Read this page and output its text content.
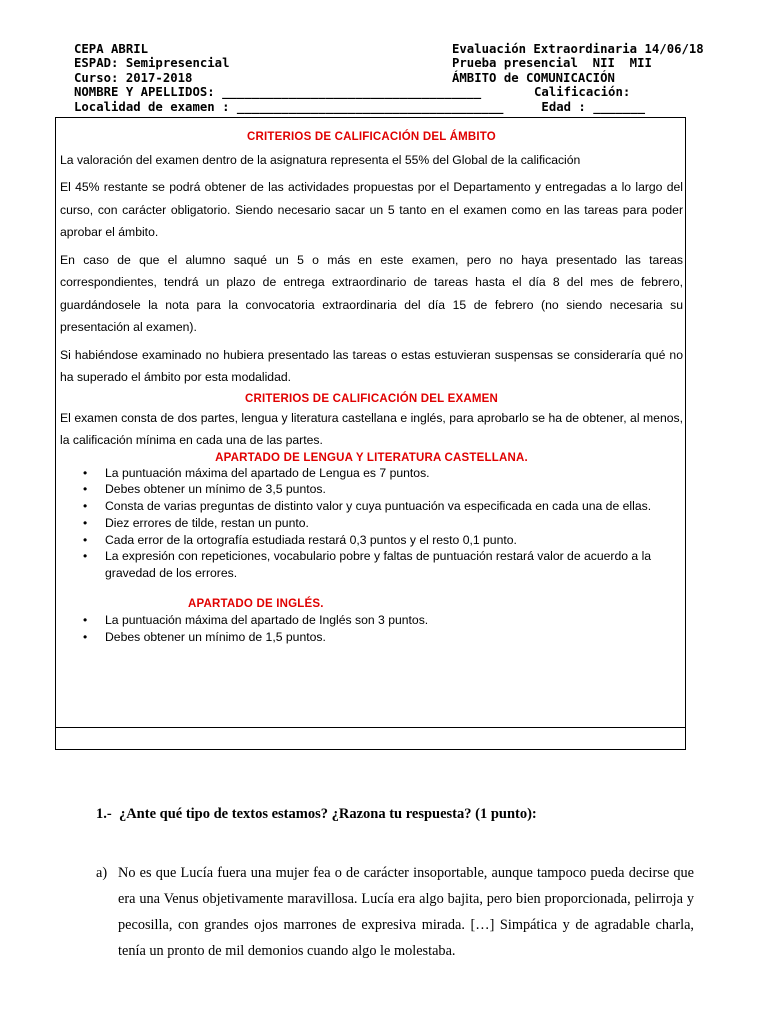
CEPA ABRIL	Evaluación Extraordinaria 14/06/18
ESPAD: Semipresencial	Prueba presencial  NII  MII
Curso: 2017-2018	ÁMBITO de COMUNICACIÓN
NOMBRE Y APELLIDOS: ___________________________________ Calificación:
Localidad de examen : ____________________________________
Edad : _______
CRITERIOS DE CALIFICACIÓN DEL ÁMBITO

La valoración del examen dentro de la asignatura representa el 55% del Global de la calificación

El 45% restante se podrá obtener de las actividades propuestas por el Departamento y entregadas a lo largo del curso, con carácter obligatorio. Siendo necesario sacar un 5 tanto en el examen como en las tareas para poder aprobar el ámbito.

En caso de que el alumno saqué un 5 o más en este examen, pero no haya presentado las tareas correspondientes, tendrá un plazo de entrega extraordinario de tareas hasta el día 8 del mes de febrero, guardándosele la nota para la convocatoria extraordinaria del día 15 de febrero (no siendo necesaria su presentación al examen).

Si habiéndose examinado no hubiera presentado las tareas o estas estuvieran suspensas se consideraría qué no ha superado el ámbito por esta modalidad.

CRITERIOS DE CALIFICACIÓN DEL EXAMEN

El examen consta de dos partes, lengua y literatura castellana e inglés, para aprobarlo se ha de obtener, al menos, la calificación mínima en cada una de las partes.

APARTADO DE LENGUA Y LITERATURA CASTELLANA.
• La puntuación máxima del apartado de Lengua es 7 puntos.
• Debes obtener un mínimo de 3,5 puntos.
• Consta de varias preguntas de distinto valor y cuya puntuación va especificada en cada una de ellas.
• Diez errores de tilde, restan un punto.
• Cada error de la ortografía estudiada restará 0,3 puntos y el resto 0,1 punto.
• La expresión con repeticiones, vocabulario pobre y faltas de puntuación restará valor de acuerdo a la gravedad de los errores.
APARTADO DE INGLÉS.
• La puntuación máxima del apartado de Inglés son 3 puntos.
• Debes obtener un mínimo de 1,5 puntos.
1.-  ¿Ante qué tipo de textos estamos? ¿Razona tu respuesta? (1 punto):
a) No es que Lucía fuera una mujer fea o de carácter insoportable, aunque tampoco pueda decirse que era una Venus objetivamente maravillosa. Lucía era algo bajita, pero bien proporcionada, pelirroja y pecosilla, con grandes ojos marrones de expresiva mirada. […] Simpática y de agradable charla, tenía un pronto de mil demonios cuando algo le molestaba.
